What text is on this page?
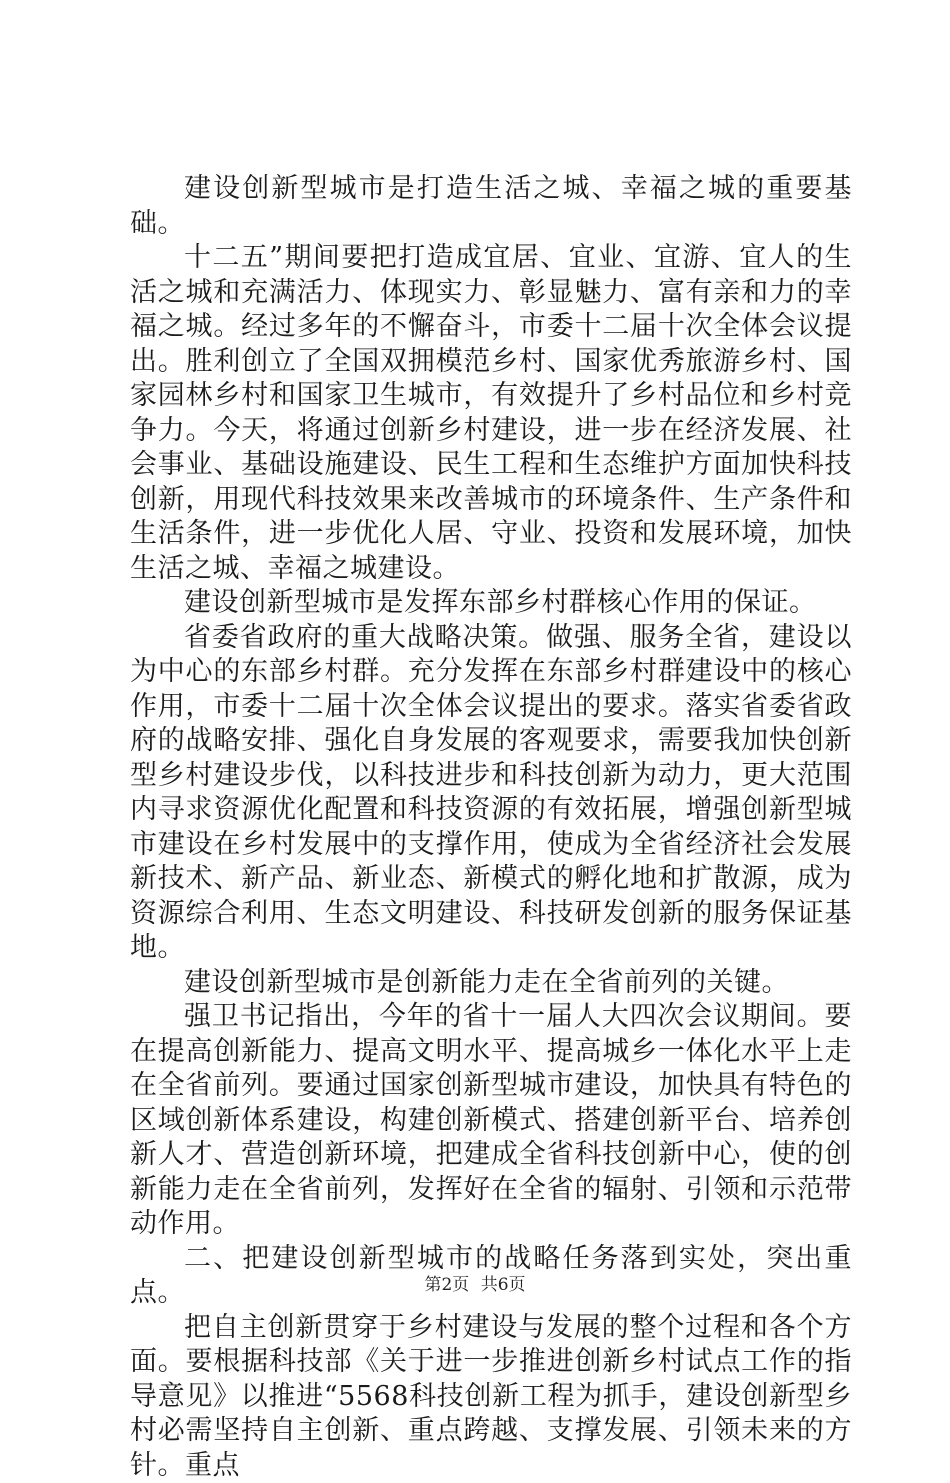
建设创新型城市是打造生活之城、幸福之城的重要基础。

十二五”期间要把打造成宜居、宜业、宜游、宜人的生活之城和充满活力、体现实力、彰显魅力、富有亲和力的幸福之城。经过多年的不懈奋斗，市委十二届十次全体会议提出。胜利创立了全国双拥模范乡村、国家优秀旅游乡村、国家园林乡村和国家卫生城市，有效提升了乡村品位和乡村竞争力。今天，将通过创新乡村建设，进一步在经济发展、社会事业、基础设施建设、民生工程和生态维护方面加快科技创新，用现代科技效果来改善城市的环境条件、生产条件和生活条件，进一步优化人居、守业、投资和发展环境，加快生活之城、幸福之城建设。

建设创新型城市是发挥东部乡村群核心作用的保证。

省委省政府的重大战略决策。做强、服务全省，建设以为中心的东部乡村群。充分发挥在东部乡村群建设中的核心作用，市委十二届十次全体会议提出的要求。落实省委省政府的战略安排、强化自身发展的客观要求，需要我加快创新型乡村建设步伐，以科技进步和科技创新为动力，更大范围内寻求资源优化配置和科技资源的有效拓展，增强创新型城市建设在乡村发展中的支撑作用，使成为全省经济社会发展新技术、新产品、新业态、新模式的孵化地和扩散源，成为资源综合利用、生态文明建设、科技研发创新的服务保证基地。

建设创新型城市是创新能力走在全省前列的关键。

强卫书记指出，今年的省十一届人大四次会议期间。要在提高创新能力、提高文明水平、提高城乡一体化水平上走在全省前列。要通过国家创新型城市建设，加快具有特色的区域创新体系建设，构建创新模式、搭建创新平台、培养创新人才、营造创新环境，把建成全省科技创新中心，使的创新能力走在全省前列，发挥好在全省的辐射、引领和示范带动作用。

二、把建设创新型城市的战略任务落到实处，突出重点。

把自主创新贯穿于乡村建设与发展的整个过程和各个方面。要根据科技部《关于进一步推进创新乡村试点工作的指导意见》以推进“5568科技创新工程为抓手，建设创新型乡村必需坚持自主创新、重点跨越、支撑发展、引领未来的方针。重点

第2页 共6页
